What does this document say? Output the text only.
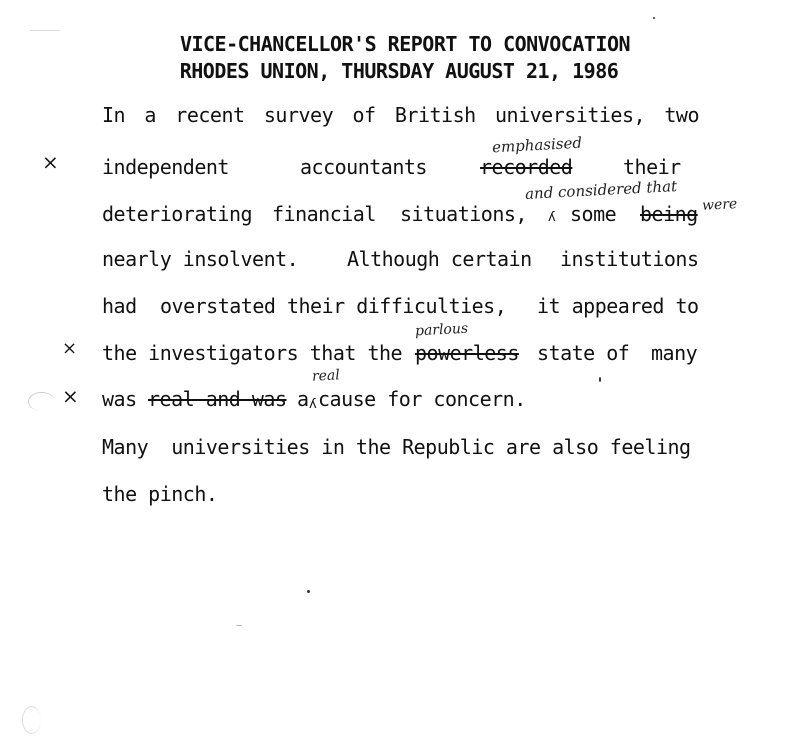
VICE-CHANCELLOR'S REPORT TO CONVOCATION
RHODES UNION, THURSDAY AUGUST 21, 1986
In a recent survey of British universities, two
×
emphasised
independent	accountants	recorded	their
and considered that
were
deteriorating financial situations, ʎ some being
nearly insolvent. Although certain institutions
had overstated their difficulties, it appeared to
×
parlous
the investigators that the powerless state of many
×
real
was real and was a ʎ cause for concern.
Many  universities in the Republic are also feeling
the pinch.
